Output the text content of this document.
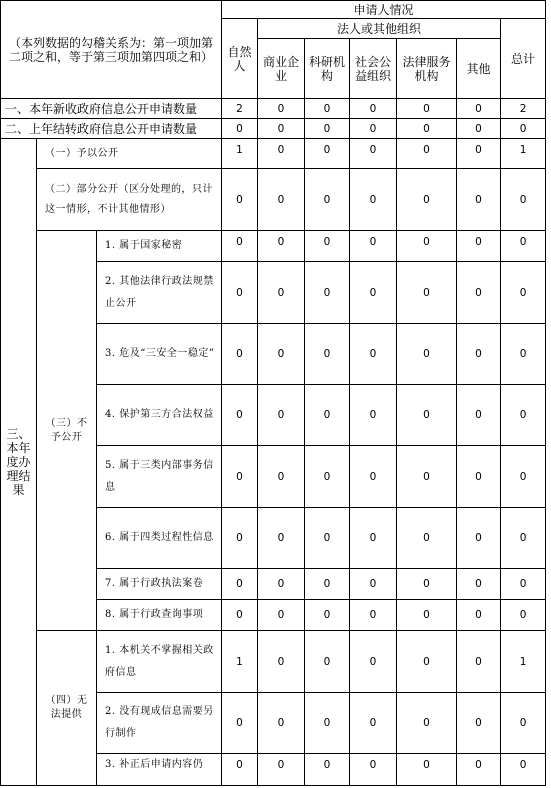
（本列数据的勾稽关系为：第一项加第二项之和，等于第三项加第四项之和）			申请人情况						
			自然人	法人或其他组织					总计
				商业企业	科研机构	社会公益组织	法律服务机构	其他	
一、本年新收政府信息公开申请数量			2	0	0	0	0	0	2
二、上年结转政府信息公开申请数量			0	0	0	0	0	0	0
三、本年度办理结果	（一）予以公开		1	0	0	0	0	0	1
	（二）部分公开（区分处理的，只计这一情形，不计其他情形）		0	0	0	0	0	0	0
	（三）不予公开	1. 属于国家秘密	0	0	0	0	0	0	0
		2. 其他法律行政法规禁止公开	0	0	0	0	0	0	0
		3. 危及“三安全一稳定”	0	0	0	0	0	0	0
		4. 保护第三方合法权益	0	0	0	0	0	0	0
		5. 属于三类内部事务信息	0	0	0	0	0	0	0
		6. 属于四类过程性信息	0	0	0	0	0	0	0
		7. 属于行政执法案卷	0	0	0	0	0	0	0
		8. 属于行政查询事项	0	0	0	0	0	0	0
	（四）无法提供	1. 本机关不掌握相关政府信息	1	0	0	0	0	0	1
		2. 没有现成信息需要另行制作	0	0	0	0	0	0	0
		3. 补正后申请内容仍	0	0	0	0	0	0	0
